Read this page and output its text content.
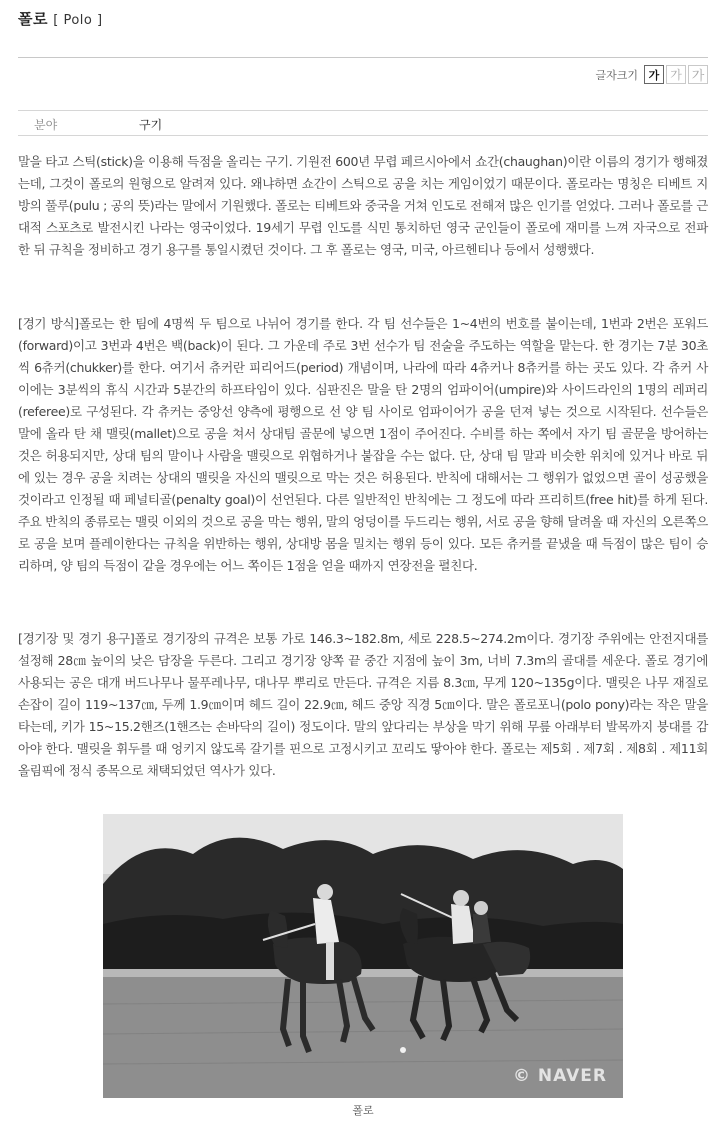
폴로 [ Polo ]
글자크기 가 가 가
분야	구기

말을 타고 스틱(stick)을 이용해 득점을 올리는 구기. 기원전 600년 무렵 페르시아에서 쇼간(chaughan)이란 이름의 경기가 행해졌는데, 그것이 폴로의 원형으로 알려져 있다. 왜냐하면 쇼간이 스틱으로 공을 치는 게임이었기 때문이다. 폴로라는 명칭은 티베트 지방의 풀루(pulu ; 공의 뜻)라는 말에서 기원했다. 폴로는 티베트와 중국을 거쳐 인도로 전해져 많은 인기를 얻었다. 그러나 폴로를 근대적 스포츠로 발전시킨 나라는 영국이었다. 19세기 무렵 인도를 식민 통치하던 영국 군인들이 폴로에 재미를 느껴 자국으로 전파한 뒤 규칙을 정비하고 경기 용구를 통일시켰던 것이다. 그 후 폴로는 영국, 미국, 아르헨티나 등에서 성행했다.

[경기 방식]폴로는 한 팀에 4명씩 두 팀으로 나뉘어 경기를 한다. 각 팀 선수들은 1~4번의 번호를 붙이는데, 1번과 2번은 포워드(forward)이고 3번과 4번은 백(back)이 된다. 그 가운데 주로 3번 선수가 팀 전술을 주도하는 역할을 맡는다. 한 경기는 7분 30초씩 6츄커(chukker)를 한다. 여기서 츄커란 피리어드(period) 개념이며, 나라에 따라 4츄커나 8츄커를 하는 곳도 있다. 각 츄커 사이에는 3분씩의 휴식 시간과 5분간의 하프타임이 있다. 심판진은 말을 탄 2명의 엄파이어(umpire)와 사이드라인의 1명의 레퍼리(referee)로 구성된다. 각 츄커는 중앙선 양측에 평행으로 선 양 팀 사이로 엄파이어가 공을 던져 넣는 것으로 시작된다. 선수들은 말에 올라 탄 채 맬릿(mallet)으로 공을 쳐서 상대팀 골문에 넣으면 1점이 주어진다. 수비를 하는 쪽에서 자기 팀 골문을 방어하는 것은 허용되지만, 상대 팀의 말이나 사람을 맬릿으로 위협하거나 붙잡을 수는 없다. 단, 상대 팀 말과 비슷한 위치에 있거나 바로 뒤에 있는 경우 공을 치려는 상대의 맬릿을 자신의 맬릿으로 막는 것은 허용된다. 반칙에 대해서는 그 행위가 없었으면 골이 성공했을 것이라고 인정될 때 페널티골(penalty goal)이 선언된다. 다른 일반적인 반칙에는 그 정도에 따라 프리히트(free hit)를 하게 된다. 주요 반칙의 종류로는 맬릿 이외의 것으로 공을 막는 행위, 말의 엉덩이를 두드리는 행위, 서로 공을 향해 달려올 때 자신의 오른쪽으로 공을 보며 플레이한다는 규칙을 위반하는 행위, 상대방 몸을 밀치는 행위 등이 있다. 모든 츄커를 끝냈을 때 득점이 많은 팀이 승리하며, 양 팀의 득점이 같을 경우에는 어느 쪽이든 1점을 얻을 때까지 연장전을 펼친다.

[경기장 및 경기 용구]폴로 경기장의 규격은 보통 가로 146.3~182.8m, 세로 228.5~274.2m이다. 경기장 주위에는 안전지대를 설정해 28㎝ 높이의 낮은 담장을 두른다. 그리고 경기장 양쪽 끝 중간 지점에 높이 3m, 너비 7.3m의 골대를 세운다. 폴로 경기에 사용되는 공은 대개 버드나무나 물푸레나무, 대나무 뿌리로 만든다. 규격은 지름 8.3㎝, 무게 120~135g이다. 맬릿은 나무 재질로 손잡이 길이 119~137㎝, 두께 1.9㎝이며 헤드 길이 22.9㎝, 헤드 중앙 직경 5㎝이다. 말은 폴로포니(polo pony)라는 작은 말을 타는데, 키가 15~15.2핸즈(1핸즈는 손바닥의 길이) 정도이다. 말의 앞다리는 부상을 막기 위해 무릎 아래부터 발목까지 붕대를 감아야 한다. 맬릿을 휘두를 때 엉키지 않도록 갈기를 핀으로 고정시키고 꼬리도 땋아야 한다. 폴로는 제5회 . 제7회 . 제8회 . 제11회 올림픽에 정식 종목으로 채택되었던 역사가 있다.

© NAVER
폴로
